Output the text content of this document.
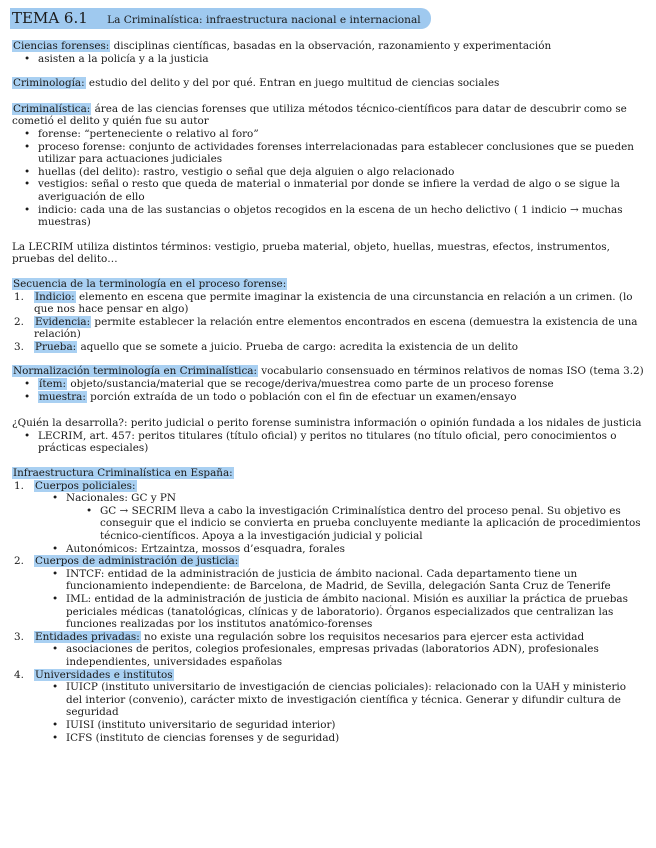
TEMA 6.1 La Criminalística: infraestructura nacional e internacional

Ciencias forenses: disciplinas científicas, basadas en la observación, razonamiento y experimentación

• asisten a la policía y a la justicia

Criminología: estudio del delito y del por qué. Entran en juego multitud de ciencias sociales

Criminalística: área de las ciencias forenses que utiliza métodos técnico-científicos para datar de descubrir como se cometió el delito y quién fue su autor

• forense: “perteneciente o relativo al foro”
• proceso forense: conjunto de actividades forenses interrelacionadas para establecer conclusiones que se pueden utilizar para actuaciones judiciales
• huellas (del delito): rastro, vestigio o señal que deja alguien o algo relacionado
• vestigios: señal o resto que queda de material o inmaterial por donde se infiere la verdad de algo o se sigue la averiguación de ello
• indicio: cada una de las sustancias o objetos recogidos en la escena de un hecho delictivo ( 1 indicio → muchas muestras)

La LECRIM utiliza distintos términos: vestigio, prueba material, objeto, huellas, muestras, efectos, instrumentos, pruebas del delito…

Secuencia de la terminología en el proceso forense:

1. Indicio: elemento en escena que permite imaginar la existencia de una circunstancia en relación a un crimen. (lo que nos hace pensar en algo)
2. Evidencia: permite establecer la relación entre elementos encontrados en escena (demuestra la existencia de una relación)
3. Prueba: aquello que se somete a juicio. Prueba de cargo: acredita la existencia de un delito

Normalización terminología en Criminalística: vocabulario consensuado en términos relativos de nomas ISO (tema 3.2)

• ítem: objeto/sustancia/material que se recoge/deriva/muestrea como parte de un proceso forense
• muestra: porción extraída de un todo o población con el fin de efectuar un examen/ensayo

¿Quién la desarrolla?: perito judicial o perito forense suministra información o opinión fundada a los nidales de justicia

• LECRIM, art. 457: peritos titulares (título oficial) y peritos no titulares (no título oficial, pero conocimientos o prácticas especiales)

Infraestructura Criminalística en España:

1. Cuerpos policiales:
• Nacionales: GC y PN
• GC → SECRIM lleva a cabo la investigación Criminalística dentro del proceso penal. Su objetivo es conseguir que el indicio se convierta en prueba concluyente mediante la aplicación de procedimientos técnico-científicos. Apoya a la investigación judicial y policial
• Autonómicos: Ertzaintza, mossos d’esquadra, forales
2. Cuerpos de administración de justicia:
• INTCF: entidad de la administración de justicia de ámbito nacional. Cada departamento tiene un funcionamiento independiente: de Barcelona, de Madrid, de Sevilla, delegación Santa Cruz de Tenerife
• IML: entidad de la administración de justicia de ámbito nacional. Misión es auxiliar la práctica de pruebas periciales médicas (tanatológicas, clínicas y de laboratorio). Órganos especializados que centralizan las funciones realizadas por los institutos anatómico-forenses
3. Entidades privadas: no existe una regulación sobre los requisitos necesarios para ejercer esta actividad
• asociaciones de peritos, colegios profesionales, empresas privadas (laboratorios ADN), profesionales independientes, universidades españolas
4. Universidades e institutos
• IUICP (instituto universitario de investigación de ciencias policiales): relacionado con la UAH y ministerio del interior (convenio), carácter mixto de investigación científica y técnica. Generar y difundir cultura de seguridad
• IUISI (instituto universitario de seguridad interior)
• ICFS (instituto de ciencias forenses y de seguridad)
